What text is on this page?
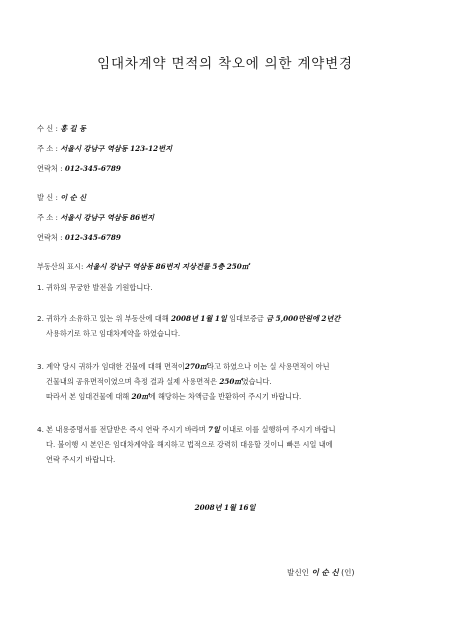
임대차계약 면적의 착오에 의한 계약변경
수 신 : 홍 길 동
주 소 : 서울시 강남구 역삼동 123-12번지
연락처 : 012-345-6789
발 신 : 이 순 신
주 소 : 서울시 강남구 역삼동 86번지
연락처 : 012-345-6789
부동산의 표시: 서울시 강남구 역삼동 86번지 지상건물 5층 250㎡
1. 귀하의 무궁한 발전을 기원합니다.
2. 귀하가 소유하고 있는 위 부동산에 대해 2008년 1월 1일 임대보증금 금 5,000만원에 2년간
사용하기로 하고 임대차계약을 하였습니다.
3. 계약 당시 귀하가 임대한 건물에 대해 면적이270㎡라고 하였으나 이는 실 사용면적이 아닌
건물내의 공유면적이였으며 측정 결과 실제 사용면적은 250㎡였습니다.
따라서 본 임대건물에 대해 20㎡에 해당하는 차액금을 반환하여 주시기 바랍니다.
4. 본 내용증명서를 전달받은 즉시 연락 주시기 바라며 7일 이내로 이를 실행하여 주시기 바랍니
다. 불이행 시 본인은 임대차계약을 해지하고 법적으로 강력히 대응할 것이니 빠른 시일 내에
연락 주시기 바랍니다.
2008년 1월 16일
발신인 이 순 신 (인)
